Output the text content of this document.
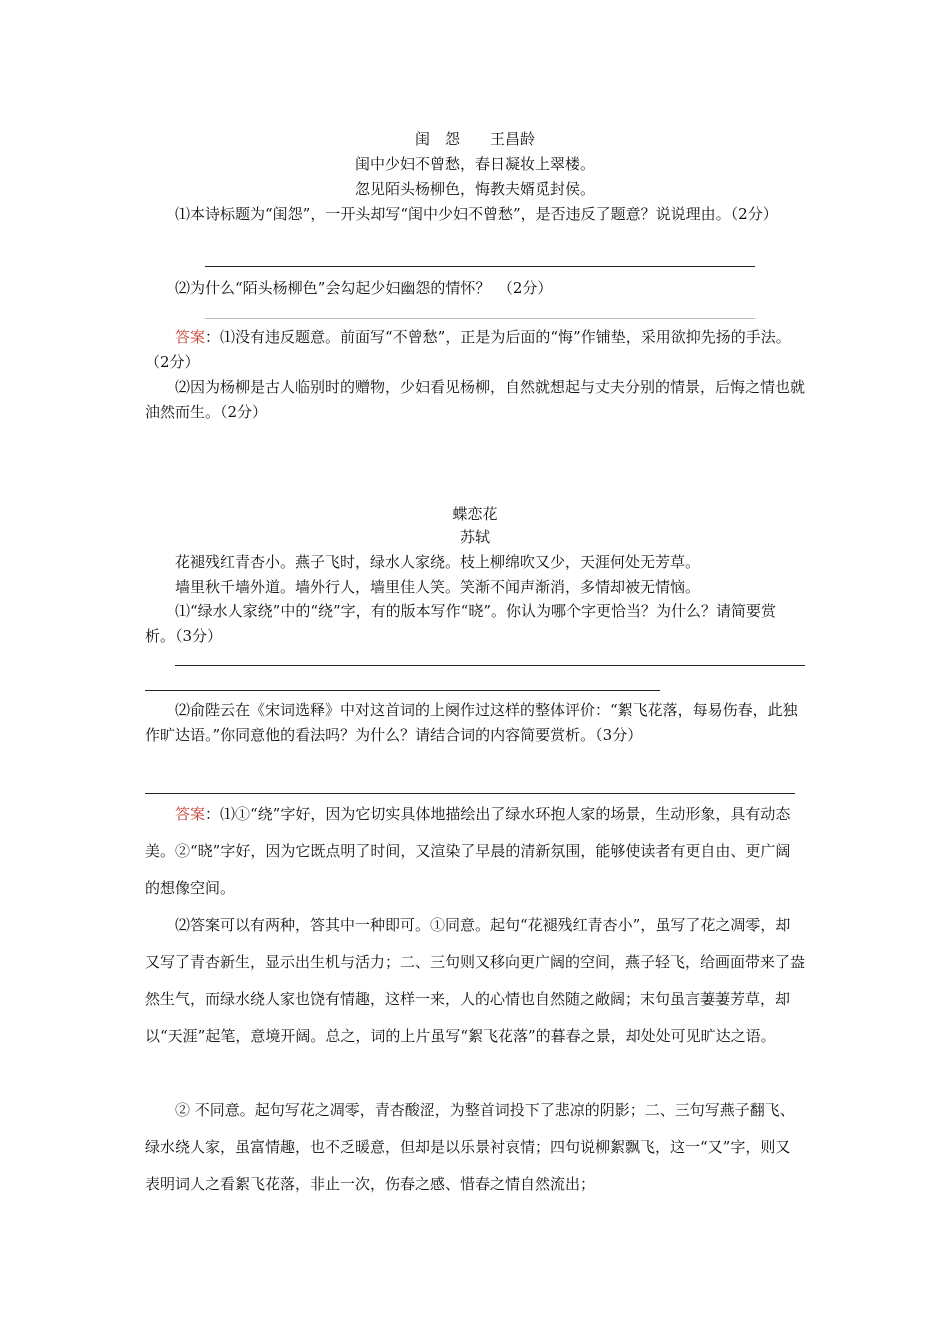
闺　怨　　王昌龄
闺中少妇不曾愁，春日凝妆上翠楼。
忽见陌头杨柳色，悔教夫婿觅封侯。
⑴本诗标题为“闺怨”，一开头却写“闺中少妇不曾愁”，是否违反了题意？说说理由。（2分）
⑵为什么“陌头杨柳色”会勾起少妇幽怨的情怀？　（2分）
答案：⑴没有违反题意。前面写“不曾愁”，正是为后面的“悔”作铺垫，采用欲抑先扬的手法。（2分）
⑵因为杨柳是古人临别时的赠物，少妇看见杨柳，自然就想起与丈夫分别的情景，后悔之情也就油然而生。（2分）
蝶恋花
苏轼
花褪残红青杏小。燕子飞时，绿水人家绕。枝上柳绵吹又少，天涯何处无芳草。
墙里秋千墙外道。墙外行人，墙里佳人笑。笑渐不闻声渐消，多情却被无情恼。
⑴“绿水人家绕”中的“绕”字，有的版本写作“晓”。你认为哪个字更恰当？为什么？请简要赏析。（3分）
⑵俞陛云在《宋词选释》中对这首词的上阕作过这样的整体评价：“絮飞花落，每易伤春，此独作旷达语。”你同意他的看法吗？为什么？请结合词的内容简要赏析。（3分）
答案：⑴①“绕”字好，因为它切实具体地描绘出了绿水环抱人家的场景，生动形象，具有动态美。②“晓”字好，因为它既点明了时间，又渲染了早晨的清新氛围，能够使读者有更自由、更广阔的想像空间。
⑵答案可以有两种，答其中一种即可。①同意。起句“花褪残红青杏小”，虽写了花之凋零，却又写了青杏新生，显示出生机与活力；二、三句则又移向更广阔的空间，燕子轻飞，给画面带来了盎然生气，而绿水绕人家也饶有情趣，这样一来，人的心情也自然随之敞阔；末句虽言萋萋芳草，却以“天涯”起笔，意境开阔。总之，词的上片虽写“絮飞花落”的暮春之景，却处处可见旷达之语。
② 不同意。起句写花之凋零，青杏酸涩，为整首词投下了悲凉的阴影；二、三句写燕子翻飞、绿水绕人家，虽富情趣，也不乏暖意，但却是以乐景衬哀情；四句说柳絮飘飞，这一“又”字，则又表明词人之看絮飞花落，非止一次，伤春之感、惜春之情自然流出；
